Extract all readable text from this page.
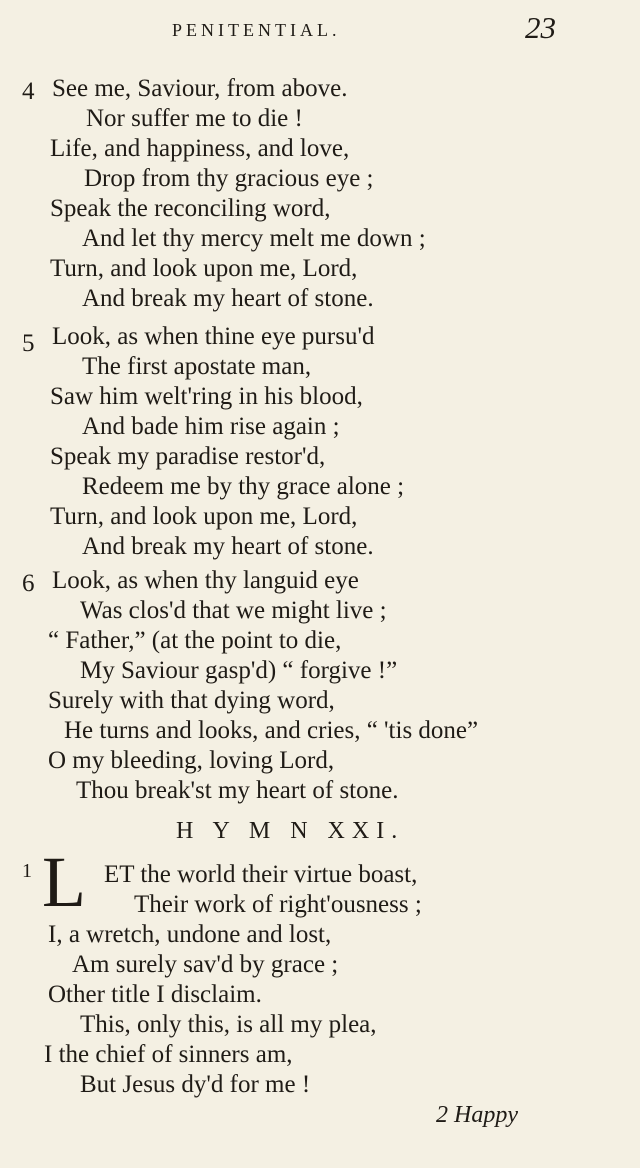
PENITENTIAL.	23
4 See me, Saviour, from above.
Nor suffer me to die !
Life, and happiness, and love,
Drop from thy gracious eye ;
Speak the reconciling word,
And let thy mercy melt me down ;
Turn, and look upon me, Lord,
And break my heart of stone.
5 Look, as when thine eye pursu'd
The first apostate man,
Saw him welt'ring in his blood,
And bade him rise again ;
Speak my paradise restor'd,
Redeem me by thy grace alone ;
Turn, and look upon me, Lord,
And break my heart of stone.
6 Look, as when thy languid eye
Was clos'd that we might live ;
“ Father,” (at the point to die,
My Saviour gasp'd) “ forgive !”
Surely with that dying word,
He turns and looks, and cries, “ 'tis done”
O my bleeding, loving Lord,
Thou break'st my heart of stone.
H Y M N XXI.
1 L ET the world their virtue boast,
Their work of right'ousness ;
I, a wretch, undone and lost,
Am surely sav'd by grace ;
Other title I disclaim.
This, only this, is all my plea,
I the chief of sinners am,
But Jesus dy'd for me !
2 Happy
